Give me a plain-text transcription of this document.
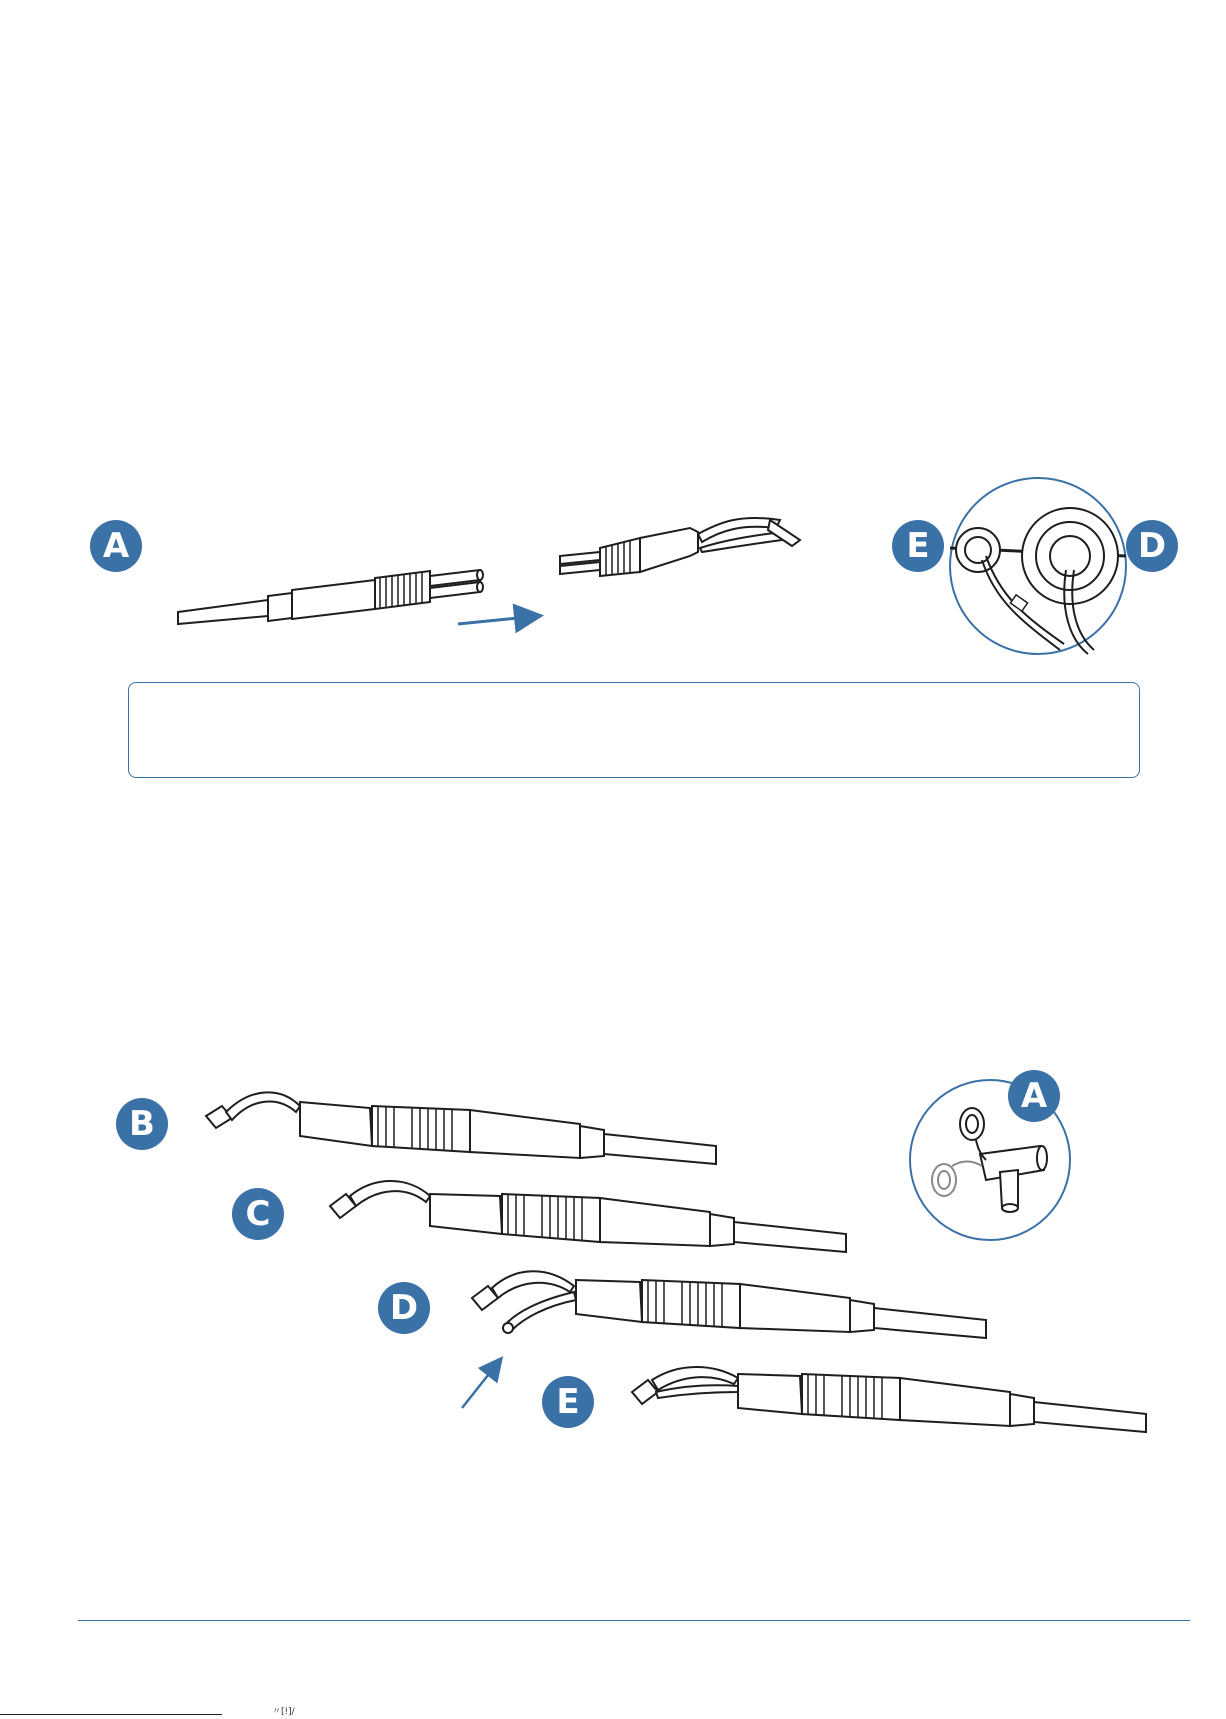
A	E	D
B
C
D
E
A
〃[!]/
